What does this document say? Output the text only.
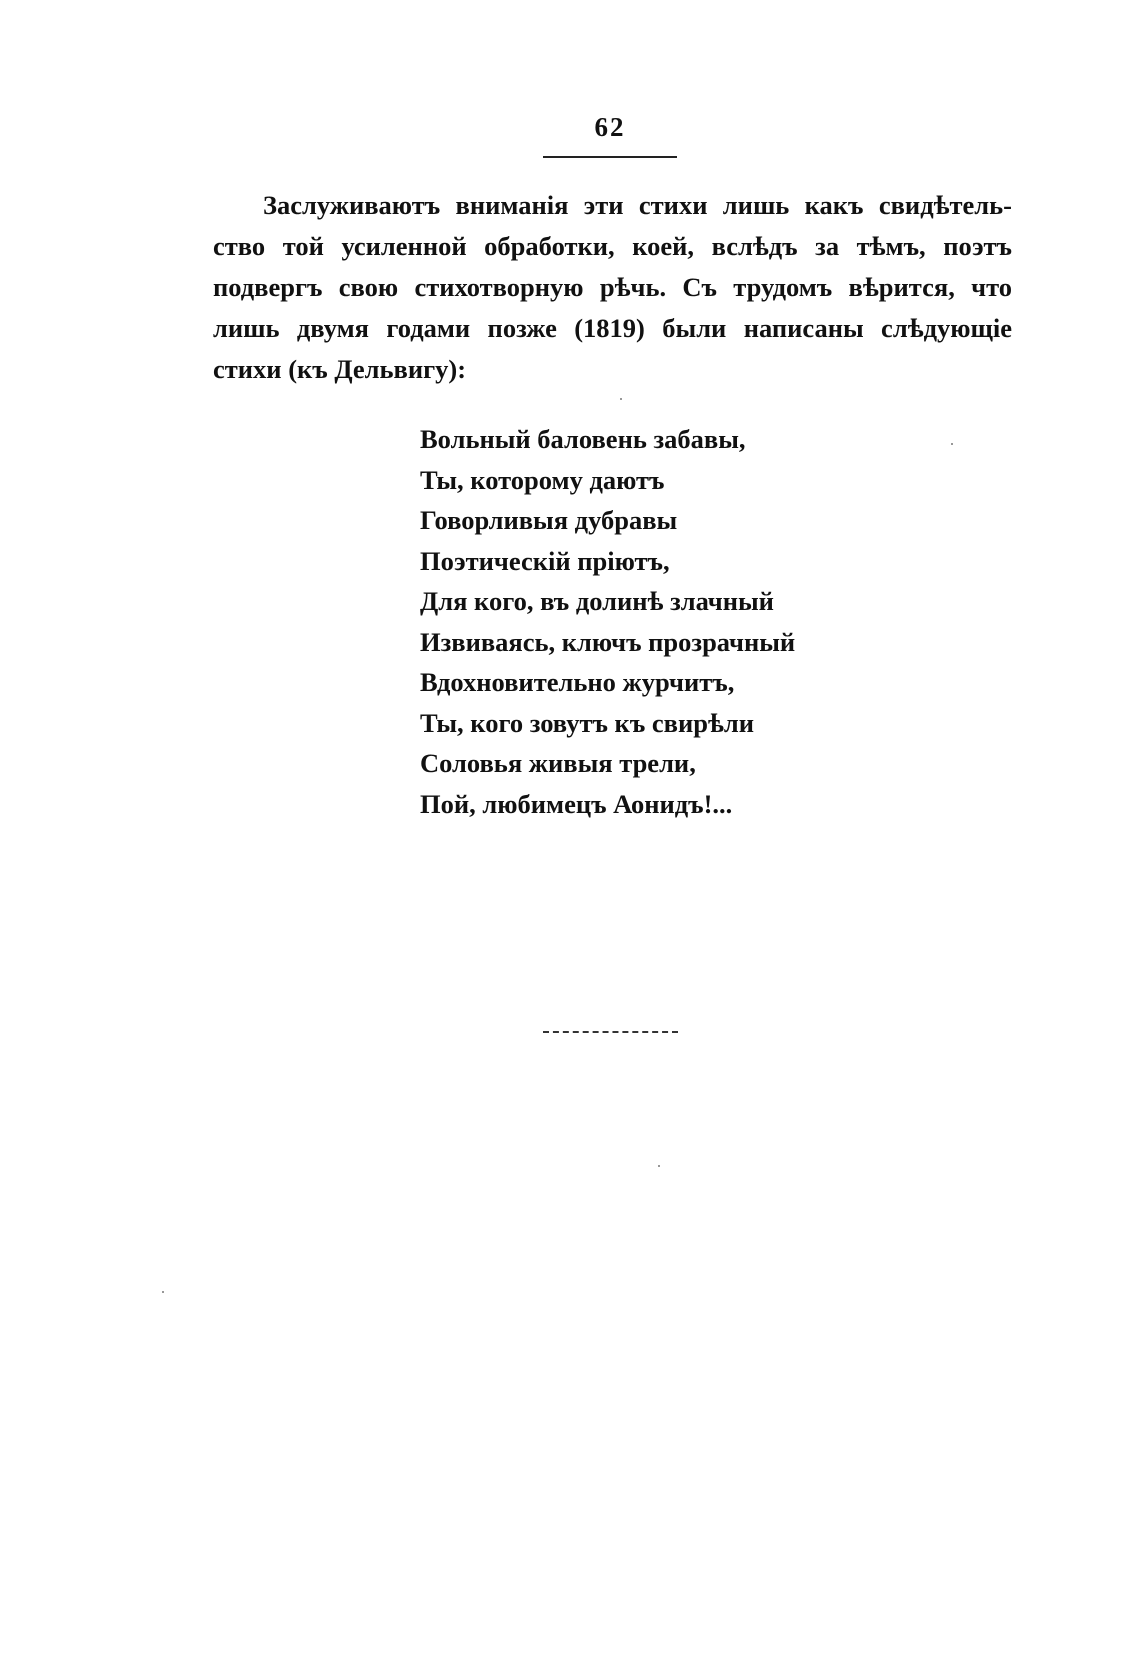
62
Заслуживаютъ вниманiя эти стихи лишь какъ свидѣтель-
ство той усиленной обработки, коей, вслѣдъ за тѣмъ, поэтъ
подвергъ свою стихотворную рѣчь. Съ трудомъ вѣрится, что
лишь двумя годами позже (1819) были написаны слѣдующiе
стихи (къ Дельвигу):
Вольный баловень забавы,
Ты, которому даютъ
Говорливыя дубравы
Поэтическiй прiютъ,
Для кого, въ долинѣ злачный
Извиваясь, ключъ прозрачный
Вдохновительно журчитъ,
Ты, кого зовутъ къ свирѣли
Соловья живыя трели,
Пой, любимецъ Аонидъ!...
